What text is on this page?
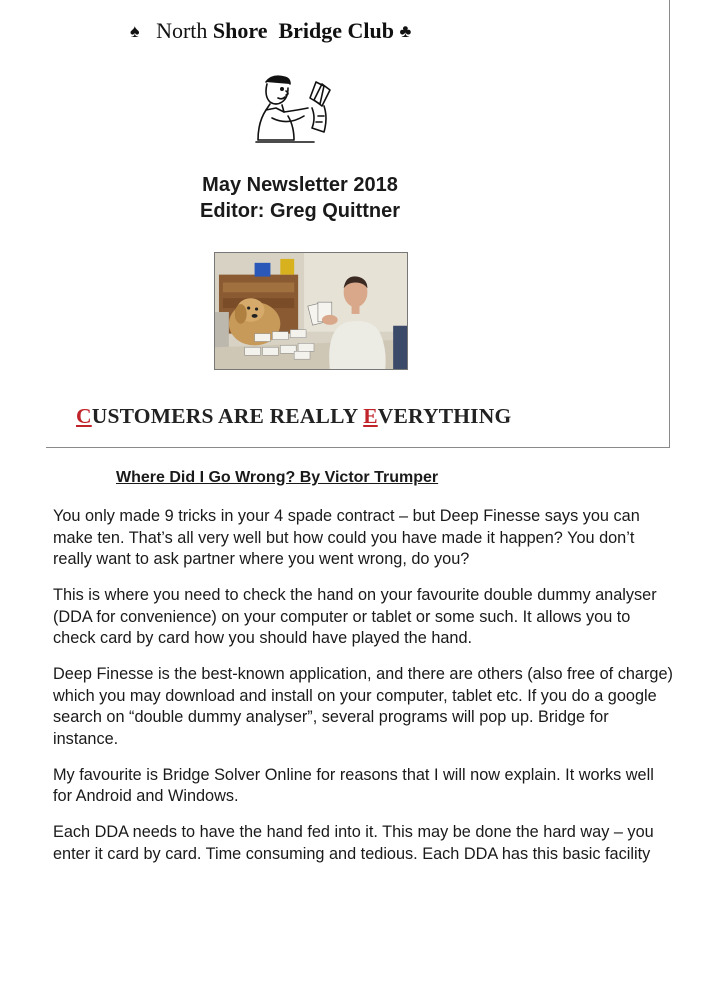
♠ North Shore  Bridge Club ♣
May Newsletter 2018
Editor: Greg Quittner
CUSTOMERS ARE REALLY EVERYTHING
Where Did I Go Wrong? By Victor Trumper

You only made 9 tricks in your 4 spade contract – but Deep Finesse says you can make ten. That’s all very well but how could you have made it happen? You don’t really want to ask partner where you went wrong, do you?

This is where you need to check the hand on your favourite double dummy analyser (DDA for convenience) on your computer or tablet or some such. It allows you to check card by card how you should have played the hand.

Deep Finesse is the best-known application, and there are others (also free of charge) which you may download and install on your computer, tablet etc. If you do a google search on “double dummy analyser”, several programs will pop up. Bridge for instance.

My favourite is Bridge Solver Online for reasons that I will now explain. It works well for Android and Windows.

Each DDA needs to have the hand fed into it. This may be done the hard way – you enter it card by card. Time consuming and tedious. Each DDA has this basic facility
